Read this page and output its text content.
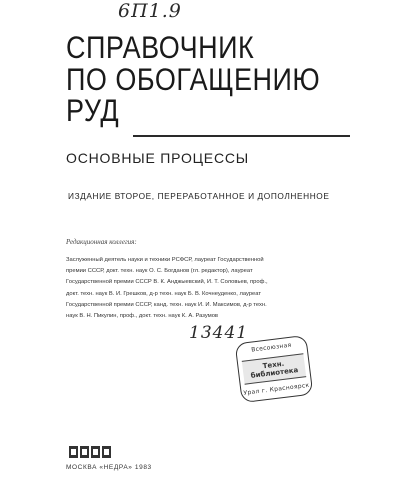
6П1.9
СПРАВОЧНИК
ПО ОБОГАЩЕНИЮ
РУД
ОСНОВНЫЕ ПРОЦЕССЫ
ИЗДАНИЕ ВТОРОЕ, ПЕРЕРАБОТАННОЕ И ДОПОЛНЕННОЕ
Редакционная коллегия:
Заслуженный деятель науки и техники РСФСР, лауреат Государственной
премии СССР, докт. техн. наук О. С. Богданов (гл. редактор), лауреат
Государственной премии СССР В. К. Анджыевский, И. Т. Соловьев, проф.,
докт. техн. наук В. И. Грешков, д-р техн. наук Б. В. Кочнеуденко, лауреат
Государственной премии СССР, канд. техн. наук И. И. Максимов, д-р техн.
наук В. Н. Пикулин, проф., докт. техн. наук К. А. Разумов
13441
Всесоюзная
Техн. библиотека
Урал г. Красноярск
МОСКВА «НЕДРА» 1983
